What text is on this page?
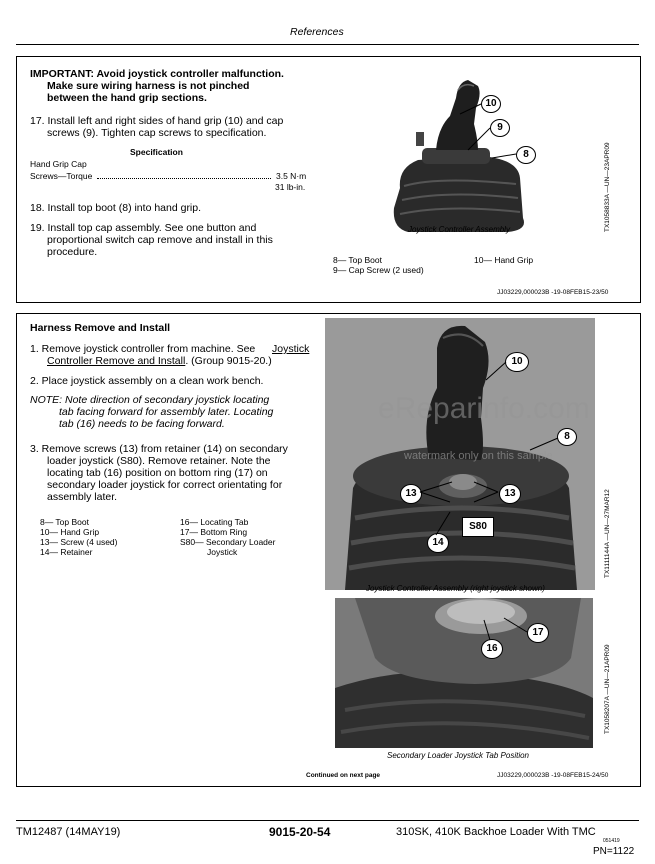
References
IMPORTANT: Avoid joystick controller malfunction.
Make sure wiring harness is not pinched
between the hand grip sections.
17. Install left and right sides of hand grip (10) and cap
screws (9). Tighten cap screws to specification.
Specification
Hand Grip Cap
Screws—Torque	3.5 N·m
31 lb-in.
18. Install top boot (8) into hand grip.
19. Install top cap assembly. See one button and
proportional switch cap remove and install in this
procedure.
10
9
8
Joystick Controller Assembly	TX1058833A —UN—23APR09
8— Top Boot
9— Cap Screw (2 used)
10— Hand Grip
JJ03229,000023B -19-08FEB15-23/50
Harness Remove and Install
1. Remove joystick controller from machine. See Joystick
Controller Remove and Install. (Group 9015-20.)
2. Place joystick assembly on a clean work bench.
NOTE: Note direction of secondary joystick locating
tab facing forward for assembly later. Locating
tab (16) needs to be facing forward.
3. Remove screws (13) from retainer (14) on secondary
loader joystick (S80). Remove retainer. Note the
locating tab (16) position on bottom ring (17) on
secondary loader joystick for correct orientating for
assembly later.
8— Top Boot
10— Hand Grip
13— Screw (4 used)
14— Retainer
16— Locating Tab
17— Bottom Ring
S80— Secondary Loader
Joystick
10
8
13	13
S80
14
Joystick Controller Assembly (right joystick shown)
TX1111144A —UN—27MAR12
17
16
Secondary Loader Joystick Tab Position
TX1058207A —UN—21APR09
Continued on next page	JJ03229,000023B -19-08FEB15-24/50
eReparinfo.com
watermark only on this sample
TM12487 (14MAY19)	9015-20-54	310SK, 410K Backhoe Loader With TMC
051419
PN=1122
